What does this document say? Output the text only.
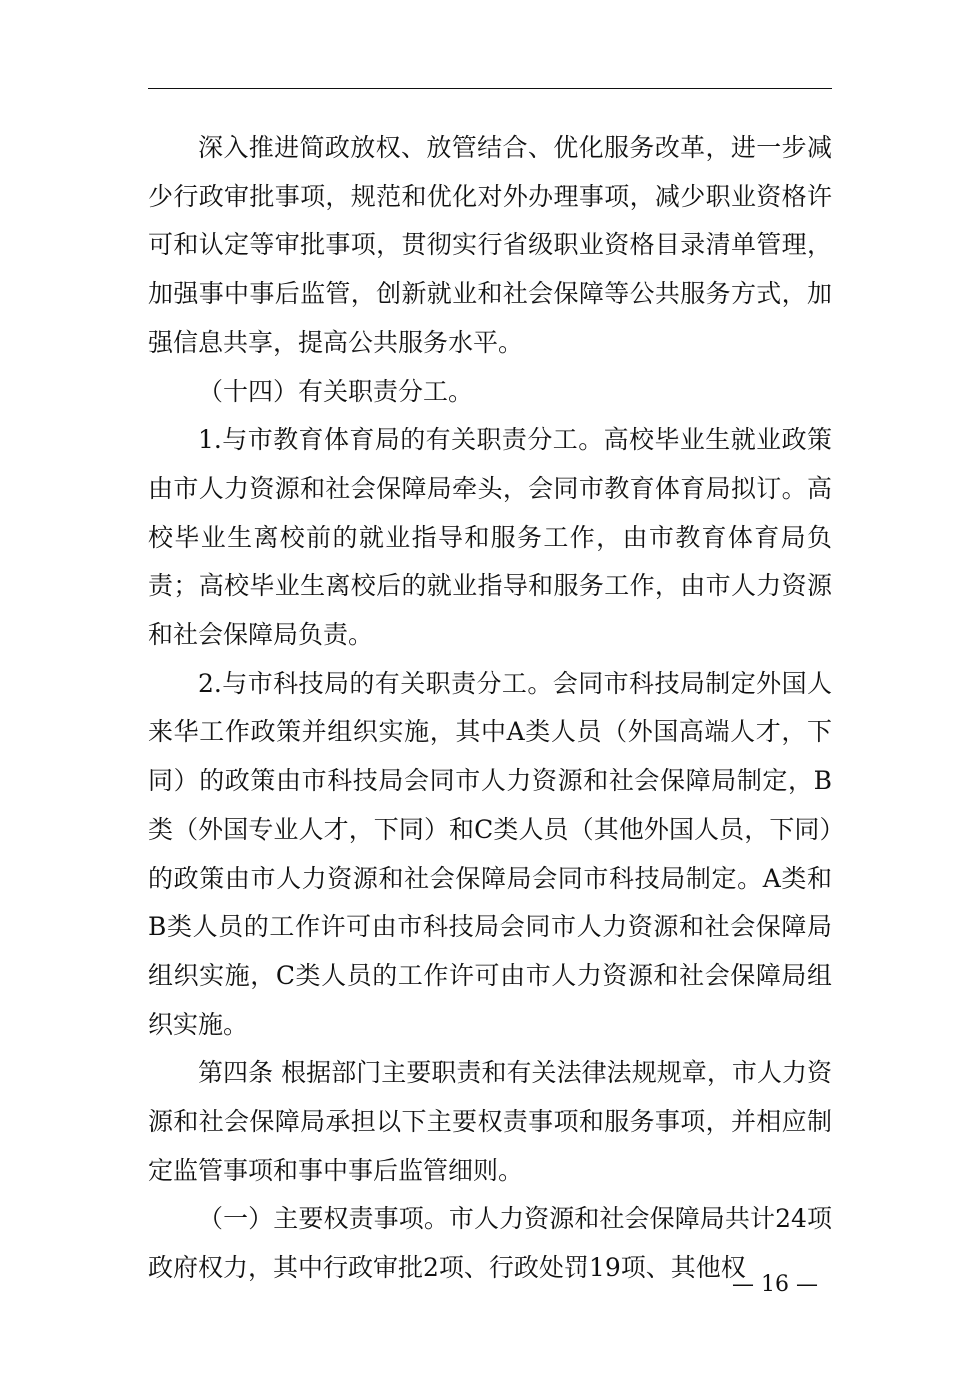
深入推进简政放权、放管结合、优化服务改革，进一步减少行政审批事项，规范和优化对外办理事项，减少职业资格许可和认定等审批事项，贯彻实行省级职业资格目录清单管理，加强事中事后监管，创新就业和社会保障等公共服务方式，加强信息共享，提高公共服务水平。

（十四）有关职责分工。

1.与市教育体育局的有关职责分工。高校毕业生就业政策由市人力资源和社会保障局牵头，会同市教育体育局拟订。高校毕业生离校前的就业指导和服务工作，由市教育体育局负责；高校毕业生离校后的就业指导和服务工作，由市人力资源和社会保障局负责。

2.与市科技局的有关职责分工。会同市科技局制定外国人来华工作政策并组织实施，其中A类人员（外国高端人才，下同）的政策由市科技局会同市人力资源和社会保障局制定，B类（外国专业人才，下同）和C类人员（其他外国人员，下同）的政策由市人力资源和社会保障局会同市科技局制定。A类和B类人员的工作许可由市科技局会同市人力资源和社会保障局组织实施，C类人员的工作许可由市人力资源和社会保障局组织实施。

第四条 根据部门主要职责和有关法律法规规章，市人力资源和社会保障局承担以下主要权责事项和服务事项，并相应制定监管事项和事中事后监管细则。

（一）主要权责事项。市人力资源和社会保障局共计24项政府权力，其中行政审批2项、行政处罚19项、其他权

— 16 —
